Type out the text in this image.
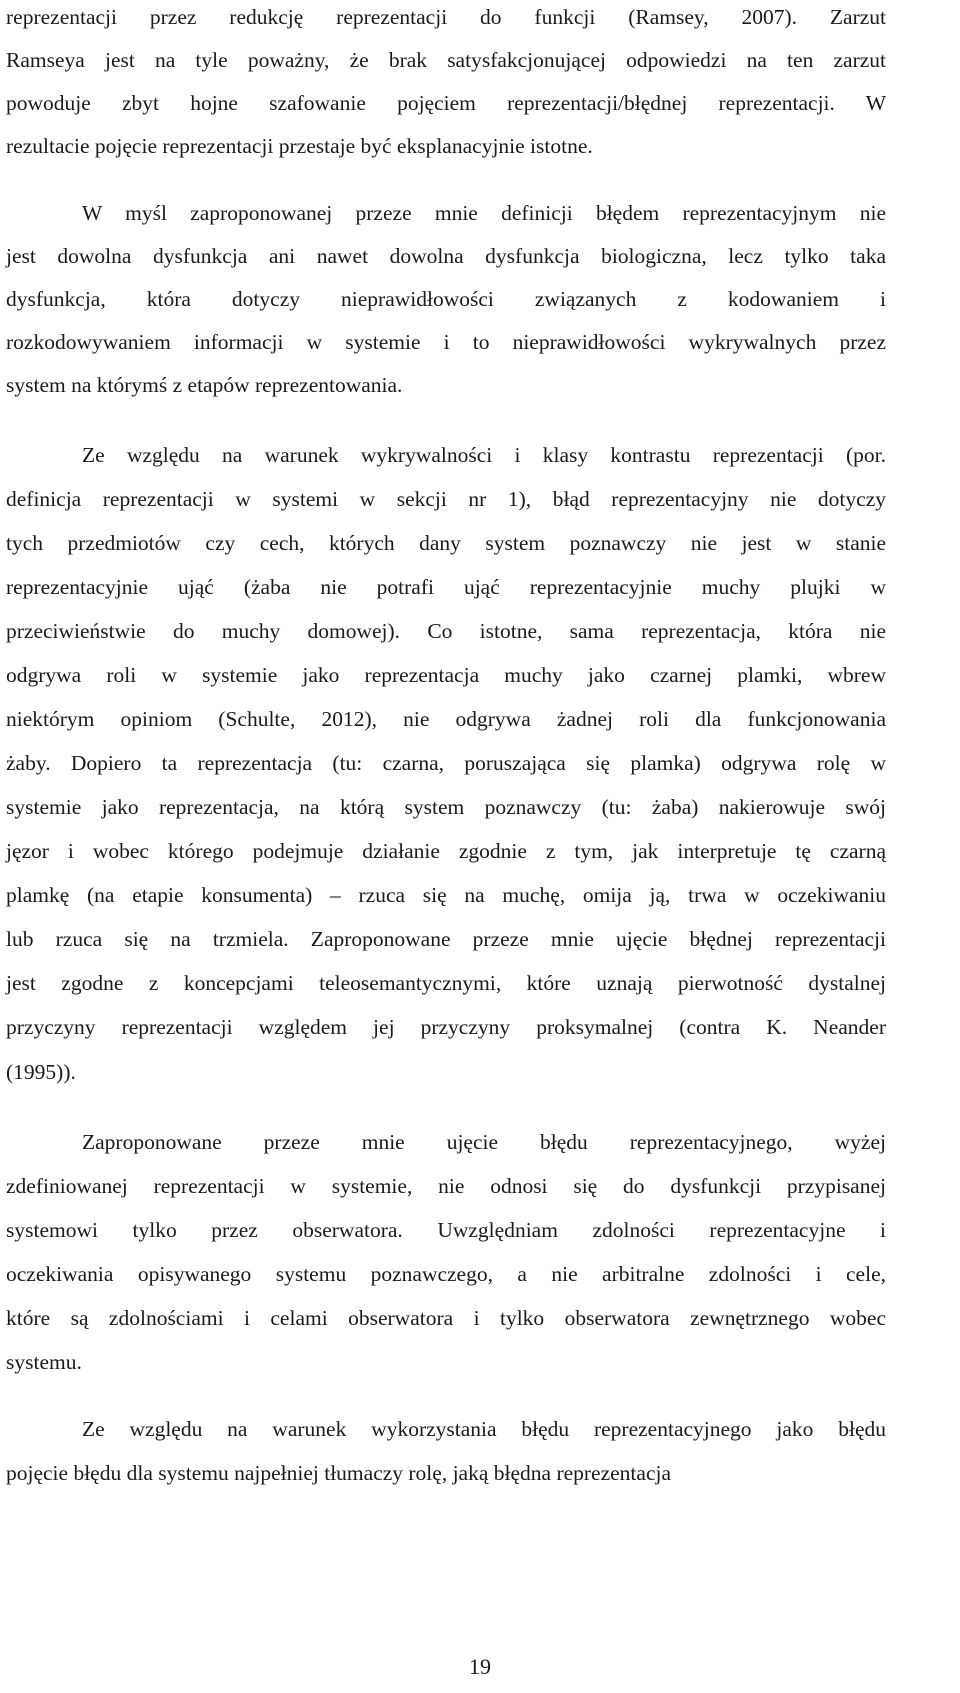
reprezentacji przez redukcję reprezentacji do funkcji (Ramsey, 2007). Zarzut
Ramseya jest na tyle poważny, że brak satysfakcjonującej odpowiedzi na ten zarzut
powoduje zbyt hojne szafowanie pojęciem reprezentacji/błędnej reprezentacji. W
rezultacie pojęcie reprezentacji przestaje być eksplanacyjnie istotne.
W myśl zaproponowanej przeze mnie definicji błędem reprezentacyjnym nie
jest dowolna dysfunkcja ani nawet dowolna dysfunkcja biologiczna, lecz tylko taka
dysfunkcja, która dotyczy nieprawidłowości związanych z kodowaniem i
rozkodowywaniem informacji w systemie i to nieprawidłowości wykrywalnych przez
system na którymś z etapów reprezentowania.
Ze względu na warunek wykrywalności i klasy kontrastu reprezentacji (por.
definicja reprezentacji w systemi w sekcji nr 1), błąd reprezentacyjny nie dotyczy
tych przedmiotów czy cech, których dany system poznawczy nie jest w stanie
reprezentacyjnie ująć (żaba nie potrafi ująć reprezentacyjnie muchy plujki w
przeciwieństwie do muchy domowej). Co istotne, sama reprezentacja, która nie
odgrywa roli w systemie jako reprezentacja muchy jako czarnej plamki, wbrew
niektórym opiniom (Schulte, 2012), nie odgrywa żadnej roli dla funkcjonowania
żaby. Dopiero ta reprezentacja (tu: czarna, poruszająca się plamka) odgrywa rolę w
systemie jako reprezentacja, na którą system poznawczy (tu: żaba) nakierowuje swój
jęzor i wobec którego podejmuje działanie zgodnie z tym, jak interpretuje tę czarną
plamkę (na etapie konsumenta) – rzuca się na muchę, omija ją, trwa w oczekiwaniu
lub rzuca się na trzmiela. Zaproponowane przeze mnie ujęcie błędnej reprezentacji
jest zgodne z koncepcjami teleosemantycznymi, które uznają pierwotność dystalnej
przyczyny reprezentacji względem jej przyczyny proksymalnej (contra K. Neander
(1995)).
Zaproponowane przeze mnie ujęcie błędu reprezentacyjnego, wyżej
zdefiniowanej reprezentacji w systemie, nie odnosi się do dysfunkcji przypisanej
systemowi tylko przez obserwatora. Uwzględniam zdolności reprezentacyjne i
oczekiwania opisywanego systemu poznawczego, a nie arbitralne zdolności i cele,
które są zdolnościami i celami obserwatora i tylko obserwatora zewnętrznego wobec
systemu.
Ze względu na warunek wykorzystania błędu reprezentacyjnego jako błędu
pojęcie błędu dla systemu najpełniej tłumaczy rolę, jaką błędna reprezentacja
19
